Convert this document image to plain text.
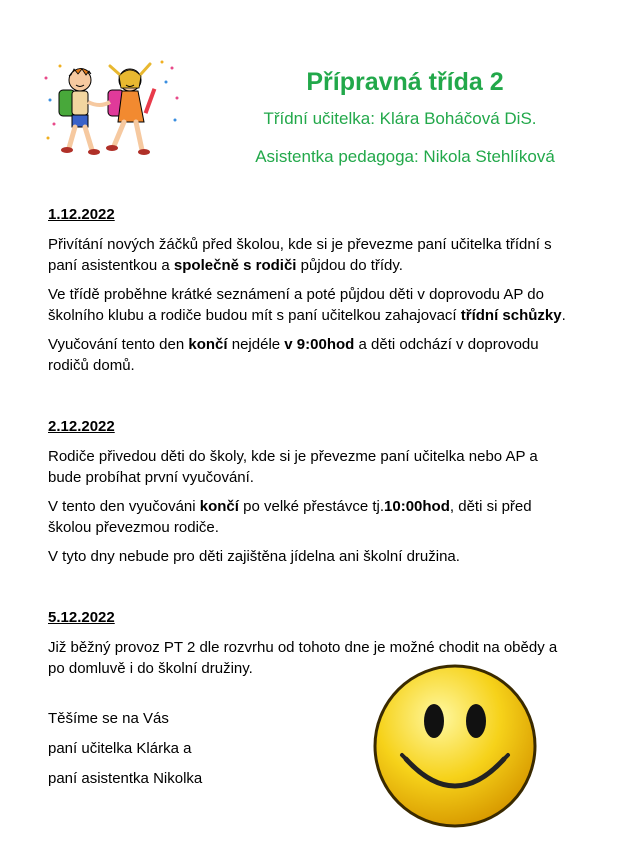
Přípravná třída 2
Třídní učitelka: Klára Boháčová DiS.
Asistentka pedagoga: Nikola Stehlíková
1.12.2022

Přivítání nových žáčků před školou, kde si je převezme paní učitelka třídní s paní asistentkou a společně s rodiči půjdou do třídy.

Ve třídě proběhne krátké seznámení a poté půjdou děti v doprovodu AP do školního klubu a rodiče budou mít s paní učitelkou zahajovací třídní schůzky.

Vyučování tento den končí nejdéle v 9:00hod a děti odchází v doprovodu rodičů domů.

2.12.2022

Rodiče přivedou děti do školy, kde si je převezme paní učitelka nebo AP a bude probíhat první vyučování.

V tento den vyučováni končí po velké přestávce tj.10:00hod, děti si před školou převezmou rodiče.

V tyto dny nebude pro děti zajištěna jídelna ani školní družina.

5.12.2022

Již běžný provoz PT 2 dle rozvrhu od tohoto dne je možné chodit na obědy a po domluvě i do školní družiny.

Těšíme se na Vás
paní učitelka Klárka a
paní asistentka Nikolka
